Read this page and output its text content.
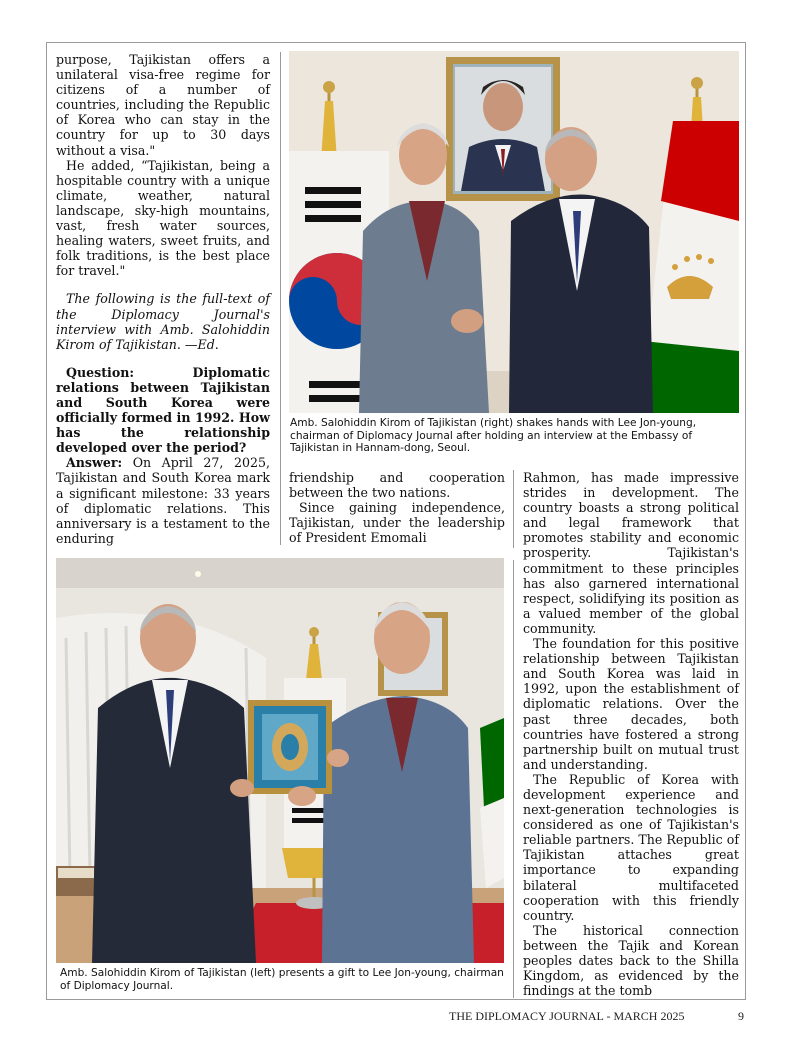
purpose, Tajikistan offers a unilateral visa-free regime for citizens of a number of countries, including the Republic of Korea who can stay in the country for up to 30 days without a visa."

He added, “Tajikistan, being a hospitable country with a unique climate, weather, natural landscape, sky-high mountains, vast, fresh water sources, healing waters, sweet fruits, and folk traditions, is the best place for travel."

The following is the full-text of the Diplomacy Journal's interview with Amb. Salohiddin Kirom of Tajikistan. —Ed.

Question:	Diplomatic relations between Tajikistan and South Korea were officially formed in 1992. How has the relationship developed over the period?

Answer: On April 27, 2025, Tajikistan and South Korea mark a significant milestone: 33 years of diplomatic relations. This anniversary is a testament to the enduring

Amb. Salohiddin Kirom of Tajikistan (right) shakes hands with Lee Jon-young, chairman of Diplomacy Journal after holding an interview at the Embassy of Tajikistan in Hannam-dong, Seoul.

friendship and cooperation between the two nations.

Since gaining independence, Tajikistan, under the leadership of President Emomali

Rahmon, has made impressive strides in development. The country boasts a strong political and legal framework that promotes stability and economic prosperity. Tajikistan's commitment to these principles has also garnered international respect, solidifying its position as a valued member of the global community.

The foundation for this positive relationship between Tajikistan and South Korea was laid in 1992, upon the establishment of diplomatic relations. Over the past three decades, both countries have fostered a strong partnership built on mutual trust and understanding.

The Republic of Korea with development experience and next-generation technologies is considered as one of Tajikistan's reliable partners. The Republic of Tajikistan attaches great importance to expanding bilateral multifaceted cooperation with this friendly country.

The historical connection between the Tajik and Korean peoples dates back to the Shilla Kingdom, as evidenced by the findings at the tomb

Amb. Salohiddin Kirom of Tajikistan (left) presents a gift to Lee Jon-young, chairman of Diplomacy Journal.
THE DIPLOMACY JOURNAL - MARCH 2025	9
